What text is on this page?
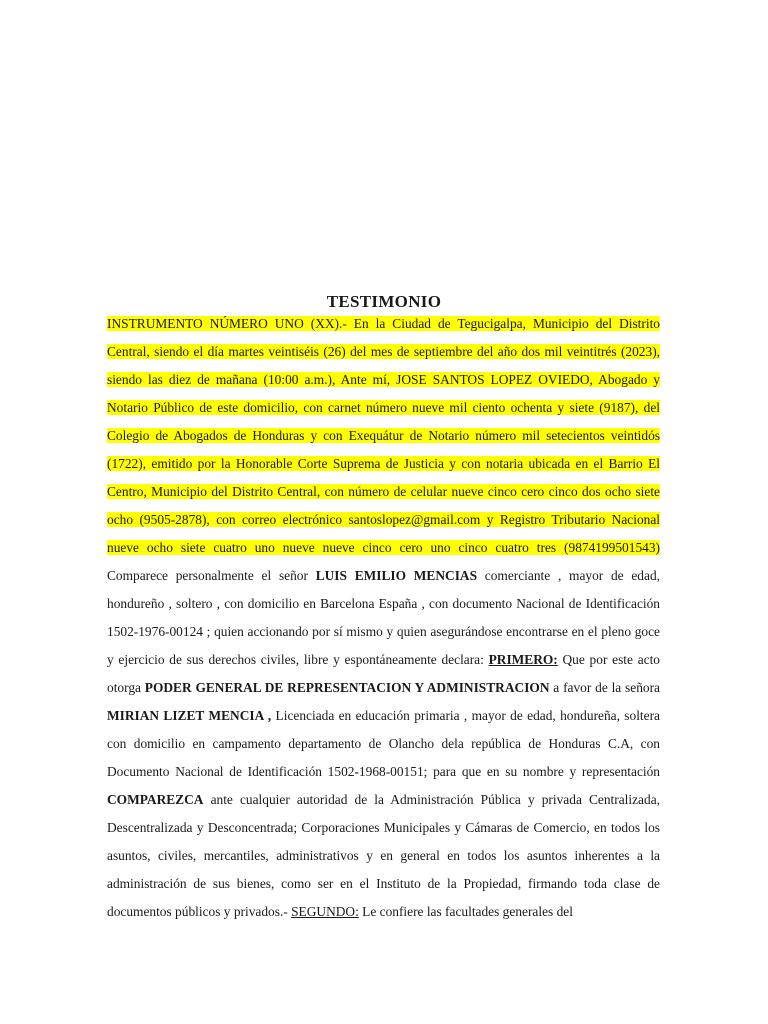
TESTIMONIO

INSTRUMENTO NÚMERO UNO (XX).- En la Ciudad de Tegucigalpa, Municipio del Distrito Central, siendo el día martes veintiséis (26) del mes de septiembre del año dos mil veintitrés (2023), siendo las diez de mañana (10:00 a.m.), Ante mí, JOSE SANTOS LOPEZ OVIEDO, Abogado y Notario Público de este domicilio, con carnet número nueve mil ciento ochenta y siete (9187), del Colegio de Abogados de Honduras y con Exequátur de Notario número mil setecientos veintidós (1722), emitido por la Honorable Corte Suprema de Justicia y con notaria ubicada en el Barrio El Centro, Municipio del Distrito Central, con número de celular nueve cinco cero cinco dos ocho siete ocho (9505-2878), con correo electrónico santoslopez@gmail.com y Registro Tributario Nacional nueve ocho siete cuatro uno nueve nueve cinco cero uno cinco cuatro tres (9874199501543) Comparece personalmente el señor LUIS EMILIO MENCIAS comerciante , mayor de edad, hondureño , soltero , con domicilio en Barcelona España , con documento Nacional de Identificación 1502-1976-00124 ; quien accionando por sí mismo y quien asegurándose encontrarse en el pleno goce y ejercicio de sus derechos civiles, libre y espontáneamente declara: PRIMERO: Que por este acto otorga PODER GENERAL DE REPRESENTACION Y ADMINISTRACION a favor de la señora MIRIAN LIZET MENCIA , Licenciada en educación primaria , mayor de edad, hondureña, soltera con domicilio en campamento departamento de Olancho dela república de Honduras C.A, con Documento Nacional de Identificación 1502-1968-00151; para que en su nombre y representación COMPAREZCA ante cualquier autoridad de la Administración Pública y privada Centralizada, Descentralizada y Desconcentrada; Corporaciones Municipales y Cámaras de Comercio, en todos los asuntos, civiles, mercantiles, administrativos y en general en todos los asuntos inherentes a la administración de sus bienes, como ser en el Instituto de la Propiedad, firmando toda clase de documentos públicos y privados.- SEGUNDO: Le confiere las facultades generales del
